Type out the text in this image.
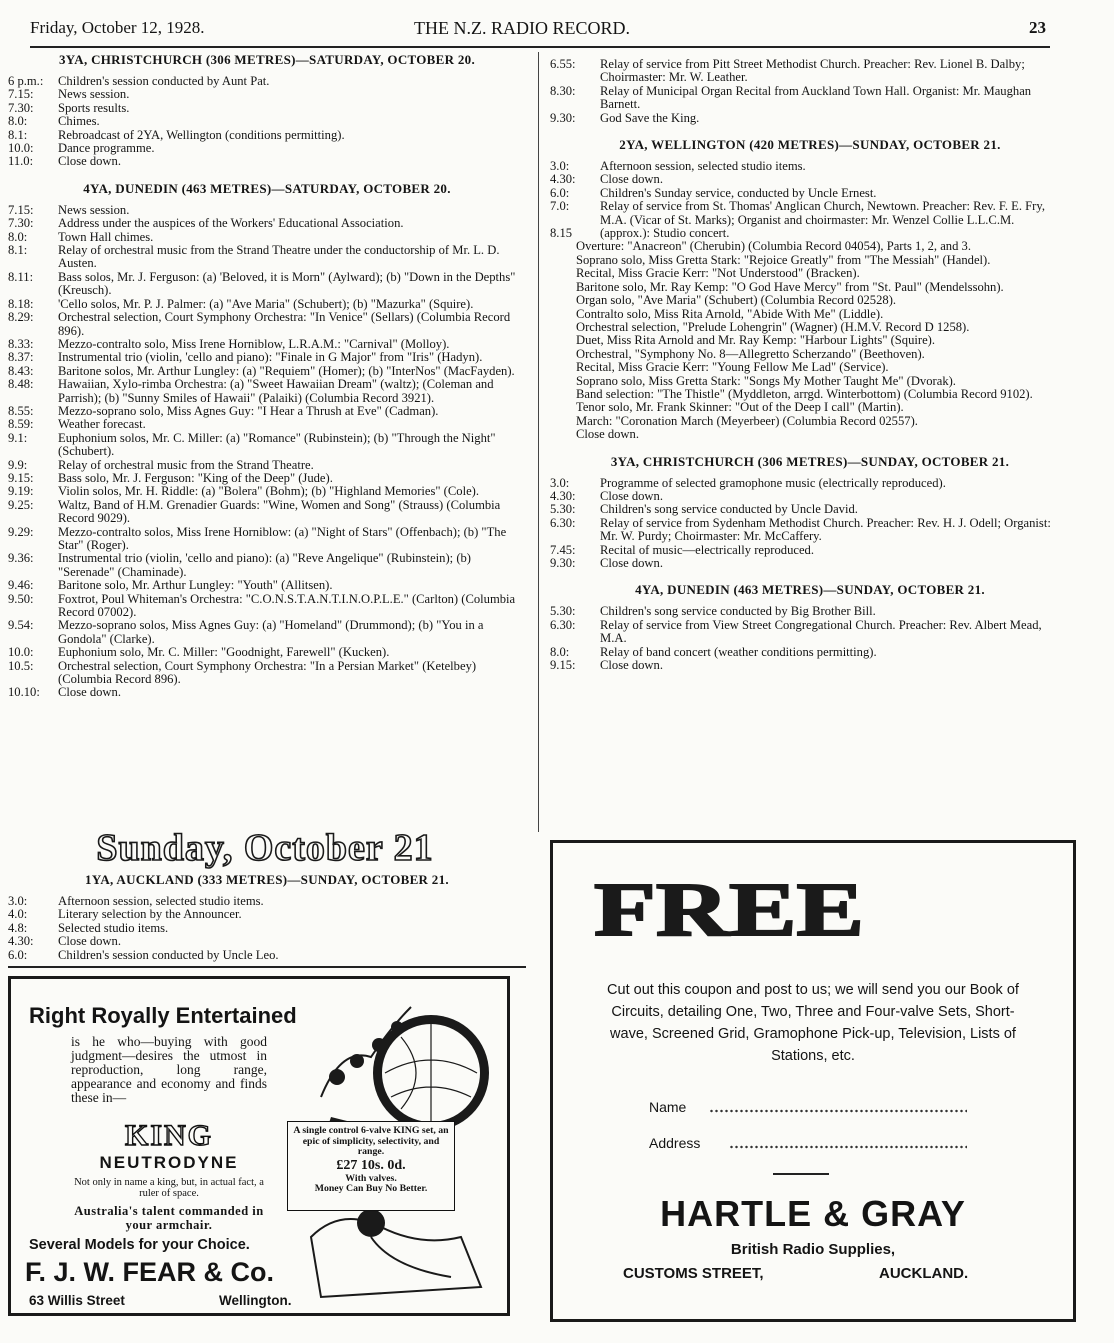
Friday, October 12, 1928.	THE N.Z. RADIO RECORD.	23
3YA, CHRISTCHURCH (306 METRES)—SATURDAY, OCTOBER 20.
6 p.m.:	Children's session conducted by Aunt Pat.
7.15:	News session.
7.30:	Sports results.
8.0:	Chimes.
8.1:	Rebroadcast of 2YA, Wellington (conditions permitting).
10.0:	Dance programme.
11.0:	Close down.
4YA, DUNEDIN (463 METRES)—SATURDAY, OCTOBER 20.
7.15:	News session.
7.30:	Address under the auspices of the Workers' Educational Association.
8.0:	Town Hall chimes.
8.1:	Relay of orchestral music from the Strand Theatre under the conductorship of Mr. L. D. Austen.
8.11:	Bass solos, Mr. J. Ferguson: (a) 'Beloved, it is Morn" (Aylward); (b) "Down in the Depths" (Kreusch).
8.18:	'Cello solos, Mr. P. J. Palmer: (a) "Ave Maria" (Schubert); (b) "Mazurka" (Squire).
8.29:	Orchestral selection, Court Symphony Orchestra: "In Venice" (Sellars) (Columbia Record 896).
8.33:	Mezzo-contralto solo, Miss Irene Horniblow, L.R.A.M.: "Carnival" (Molloy).
8.37:	Instrumental trio (violin, 'cello and piano): "Finale in G Major" from "Iris" (Hadyn).
8.43:	Baritone solos, Mr. Arthur Lungley: (a) "Requiem" (Homer); (b) "InterNos" (MacFayden).
8.48:	Hawaiian, Xylo-rimba Orchestra: (a) "Sweet Hawaiian Dream" (waltz); (Coleman and Parrish); (b) "Sunny Smiles of Hawaii" (Palaiki) (Columbia Record 3921).
8.55:	Mezzo-soprano solo, Miss Agnes Guy: "I Hear a Thrush at Eve" (Cadman).
8.59:	Weather forecast.
9.1:	Euphonium solos, Mr. C. Miller: (a) "Romance" (Rubinstein); (b) "Through the Night" (Schubert).
9.9:	Relay of orchestral music from the Strand Theatre.
9.15:	Bass solo, Mr. J. Ferguson: "King of the Deep" (Jude).
9.19:	Violin solos, Mr. H. Riddle: (a) "Bolera" (Bohm); (b) "Highland Memories" (Cole).
9.25:	Waltz, Band of H.M. Grenadier Guards: "Wine, Women and Song" (Strauss) (Columbia Record 9029).
9.29:	Mezzo-contralto solos, Miss Irene Horniblow: (a) "Night of Stars" (Offenbach); (b) "The Star" (Roger).
9.36:	Instrumental trio (violin, 'cello and piano): (a) "Reve Angelique" (Rubinstein); (b) "Serenade" (Chaminade).
9.46:	Baritone solo, Mr. Arthur Lungley: "Youth" (Allitsen).
9.50:	Foxtrot, Poul Whiteman's Orchestra: "C.O.N.S.T.A.N.T.I.N.O.P.L.E." (Carlton) (Columbia Record 07002).
9.54:	Mezzo-soprano solos, Miss Agnes Guy: (a) "Homeland" (Drummond); (b) "You in a Gondola" (Clarke).
10.0:	Euphonium solo, Mr. C. Miller: "Goodnight, Farewell" (Kucken).
10.5:	Orchestral selection, Court Symphony Orchestra: "In a Persian Market" (Ketelbey) (Columbia Record 896).
10.10:	Close down.
Sunday, October 21
1YA, AUCKLAND (333 METRES)—SUNDAY, OCTOBER 21.
3.0:	Afternoon session, selected studio items.
4.0:	Literary selection by the Announcer.
4.8:	Selected studio items.
4.30:	Close down.
6.0:	Children's session conducted by Uncle Leo.
Right Royally Entertained
is he who—buying with good judgment—desires the utmost in reproduction, long range, appearance and economy and finds these in—
KING
NEUTRODYNE
Not only in name a king, but, in actual fact, a ruler of space.
Australia's talent commanded in your armchair.
A single control 6-valve KING set, an epic of simplicity, selectivity, and range.
£27 10s. 0d.
With valves.
Money Can Buy No Better.
Several Models for your Choice.
F. J. W. FEAR & Co.
63 Willis Street	Wellington.
6.55:	Relay of service from Pitt Street Methodist Church. Preacher: Rev. Lionel B. Dalby; Choirmaster: Mr. W. Leather.
8.30:	Relay of Municipal Organ Recital from Auckland Town Hall. Organist: Mr. Maughan Barnett.
9.30:	God Save the King.
2YA, WELLINGTON (420 METRES)—SUNDAY, OCTOBER 21.
3.0:	Afternoon session, selected studio items.
4.30:	Close down.
6.0:	Children's Sunday service, conducted by Uncle Ernest.
7.0:	Relay of service from St. Thomas' Anglican Church, Newtown. Preacher: Rev. F. E. Fry, M.A. (Vicar of St. Marks); Organist and choirmaster: Mr. Wenzel Collie L.L.C.M.
8.15	(approx.): Studio concert.
Overture: "Anacreon" (Cherubin) (Columbia Record 04054), Parts 1, 2, and 3.
Soprano solo, Miss Gretta Stark: "Rejoice Greatly" from "The Messiah" (Handel).
Recital, Miss Gracie Kerr: "Not Understood" (Bracken).
Baritone solo, Mr. Ray Kemp: "O God Have Mercy" from "St. Paul" (Mendelssohn).
Organ solo, "Ave Maria" (Schubert) (Columbia Record 02528).
Contralto solo, Miss Rita Arnold, "Abide With Me" (Liddle).
Orchestral selection, "Prelude Lohengrin" (Wagner) (H.M.V. Record D 1258).
Duet, Miss Rita Arnold and Mr. Ray Kemp: "Harbour Lights" (Squire).
Orchestral, "Symphony No. 8—Allegretto Scherzando" (Beethoven).
Recital, Miss Gracie Kerr: "Young Fellow Me Lad" (Service).
Soprano solo, Miss Gretta Stark: "Songs My Mother Taught Me" (Dvorak).
Band selection: "The Thistle" (Myddleton, arrgd. Winterbottom) (Columbia Record 9102).
Tenor solo, Mr. Frank Skinner: "Out of the Deep I call" (Martin).
March: "Coronation March (Meyerbeer) (Columbia Record 02557).
Close down.
3YA, CHRISTCHURCH (306 METRES)—SUNDAY, OCTOBER 21.
3.0:	Programme of selected gramophone music (electrically reproduced).
4.30:	Close down.
5.30:	Children's song service conducted by Uncle David.
6.30:	Relay of service from Sydenham Methodist Church. Preacher: Rev. H. J. Odell; Organist: Mr. W. Purdy; Choirmaster: Mr. McCaffery.
7.45:	Recital of music—electrically reproduced.
9.30:	Close down.
4YA, DUNEDIN (463 METRES)—SUNDAY, OCTOBER 21.
5.30:	Children's song service conducted by Big Brother Bill.
6.30:	Relay of service from View Street Congregational Church. Preacher: Rev. Albert Mead, M.A.
8.0:	Relay of band concert (weather conditions permitting).
9.15:	Close down.
FREE
Cut out this coupon and post to us; we will send you our Book of Circuits, detailing One, Two, Three and Four-valve Sets, Short-wave, Screened Grid, Gramophone Pick-up, Television, Lists of Stations, etc.
Name
Address
HARTLE & GRAY
British Radio Supplies,
CUSTOMS STREET,	AUCKLAND.
